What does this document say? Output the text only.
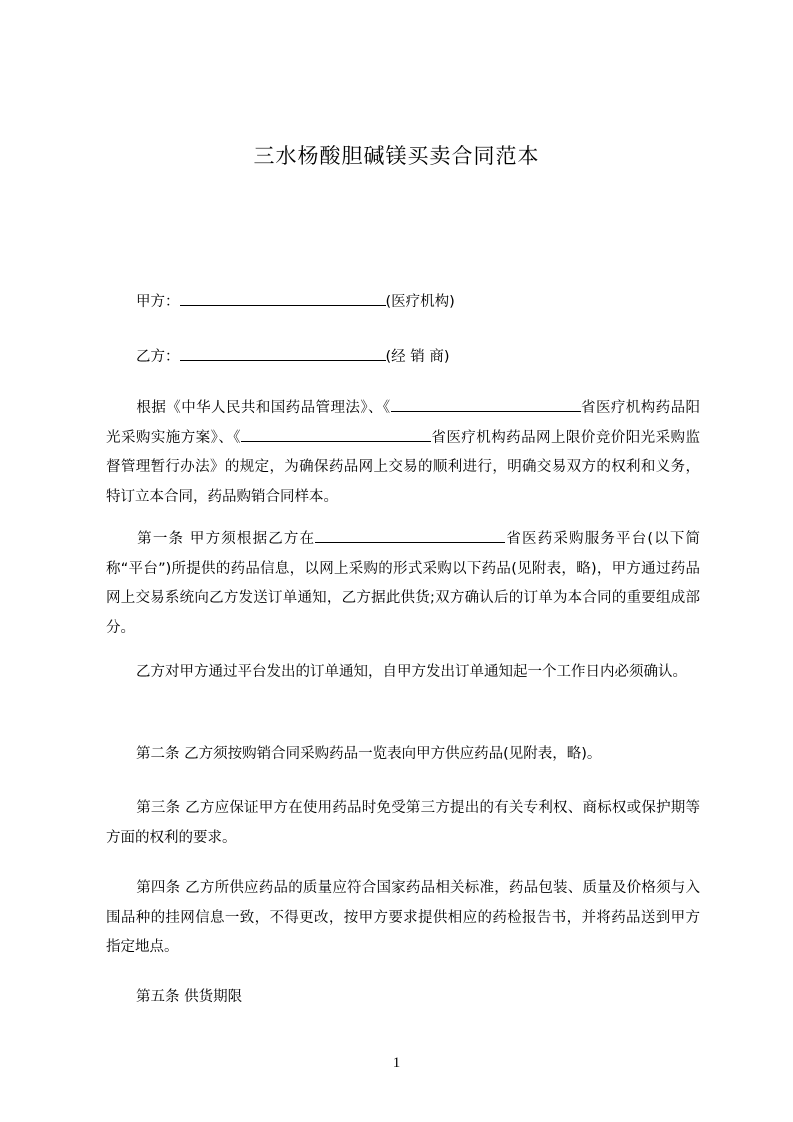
三水杨酸胆碱镁买卖合同范本
甲方：	(医疗机构)
乙方：	(经 销 商)
根据《中华人民共和国药品管理法》、《	省医疗机构药品阳光采购实施方案》、《	省医疗机构药品网上限价竞价阳光采购监督管理暂行办法》的规定，为确保药品网上交易的顺利进行，明确交易双方的权利和义务，特订立本合同，药品购销合同样本。
第一条 甲方须根据乙方在	省医药采购服务平台(以下简称“平台”)所提供的药品信息，以网上采购的形式采购以下药品(见附表，略)，甲方通过药品网上交易系统向乙方发送订单通知，乙方据此供货;双方确认后的订单为本合同的重要组成部分。
乙方对甲方通过平台发出的订单通知，自甲方发出订单通知起一个工作日内必须确认。
第二条 乙方须按购销合同采购药品一览表向甲方供应药品(见附表，略)。
第三条 乙方应保证甲方在使用药品时免受第三方提出的有关专利权、商标权或保护期等方面的权利的要求。
第四条 乙方所供应药品的质量应符合国家药品相关标准，药品包装、质量及价格须与入围品种的挂网信息一致，不得更改，按甲方要求提供相应的药检报告书，并将药品送到甲方指定地点。
第五条 供货期限
1
